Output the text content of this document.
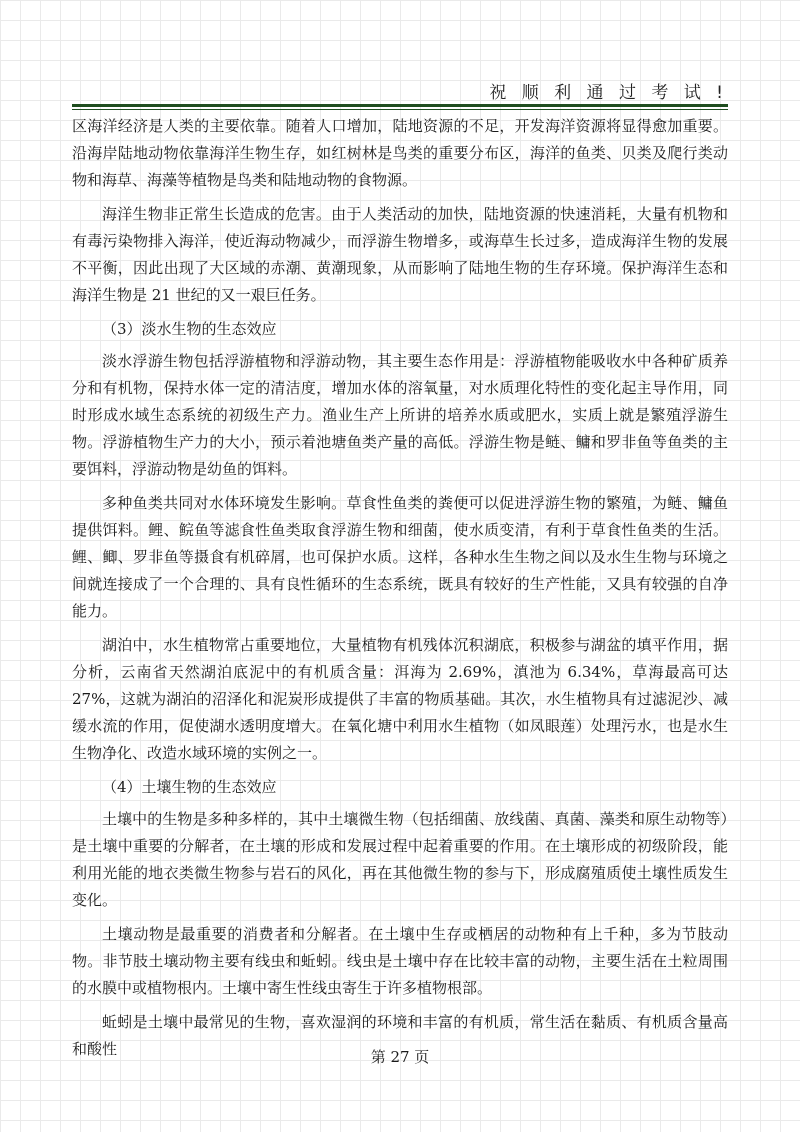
祝 顺 利 通 过 考 试 !

区海洋经济是人类的主要依靠。随着人口增加，陆地资源的不足，开发海洋资源将显得愈加重要。沿海岸陆地动物依靠海洋生物生存，如红树林是鸟类的重要分布区，海洋的鱼类、贝类及爬行类动物和海草、海藻等植物是鸟类和陆地动物的食物源。

海洋生物非正常生长造成的危害。由于人类活动的加快，陆地资源的快速消耗，大量有机物和有毒污染物排入海洋，使近海动物减少，而浮游生物增多，或海草生长过多，造成海洋生物的发展不平衡，因此出现了大区域的赤潮、黄潮现象，从而影响了陆地生物的生存环境。保护海洋生态和海洋生物是 21 世纪的又一艰巨任务。

（3）淡水生物的生态效应

淡水浮游生物包括浮游植物和浮游动物，其主要生态作用是：浮游植物能吸收水中各种矿质养分和有机物，保持水体一定的清洁度，增加水体的溶氧量，对水质理化特性的变化起主导作用，同时形成水域生态系统的初级生产力。渔业生产上所讲的培养水质或肥水，实质上就是繁殖浮游生物。浮游植物生产力的大小，预示着池塘鱼类产量的高低。浮游生物是鲢、鳙和罗非鱼等鱼类的主要饵料，浮游动物是幼鱼的饵料。

多种鱼类共同对水体环境发生影响。草食性鱼类的粪便可以促进浮游生物的繁殖，为鲢、鳙鱼提供饵料。鲤、鲩鱼等滤食性鱼类取食浮游生物和细菌，使水质变清，有利于草食性鱼类的生活。鲤、鲫、罗非鱼等摄食有机碎屑，也可保护水质。这样，各种水生生物之间以及水生生物与环境之间就连接成了一个合理的、具有良性循环的生态系统，既具有较好的生产性能，又具有较强的自净能力。

湖泊中，水生植物常占重要地位，大量植物有机残体沉积湖底，积极参与湖盆的填平作用，据分析，云南省天然湖泊底泥中的有机质含量：洱海为 2.69%，滇池为 6.34%，草海最高可达 27%，这就为湖泊的沼泽化和泥炭形成提供了丰富的物质基础。其次，水生植物具有过滤泥沙、减缓水流的作用，促使湖水透明度增大。在氧化塘中利用水生植物（如凤眼莲）处理污水，也是水生生物净化、改造水域环境的实例之一。

（4）土壤生物的生态效应

土壤中的生物是多种多样的，其中土壤微生物（包括细菌、放线菌、真菌、藻类和原生动物等）是土壤中重要的分解者，在土壤的形成和发展过程中起着重要的作用。在土壤形成的初级阶段，能利用光能的地衣类微生物参与岩石的风化，再在其他微生物的参与下，形成腐殖质使土壤性质发生变化。

土壤动物是最重要的消费者和分解者。在土壤中生存或栖居的动物种有上千种，多为节肢动物。非节肢土壤动物主要有线虫和蚯蚓。线虫是土壤中存在比较丰富的动物，主要生活在土粒周围的水膜中或植物根内。土壤中寄生性线虫寄生于许多植物根部。

蚯蚓是土壤中最常见的生物，喜欢湿润的环境和丰富的有机质，常生活在黏质、有机质含量高和酸性	第 27 页
